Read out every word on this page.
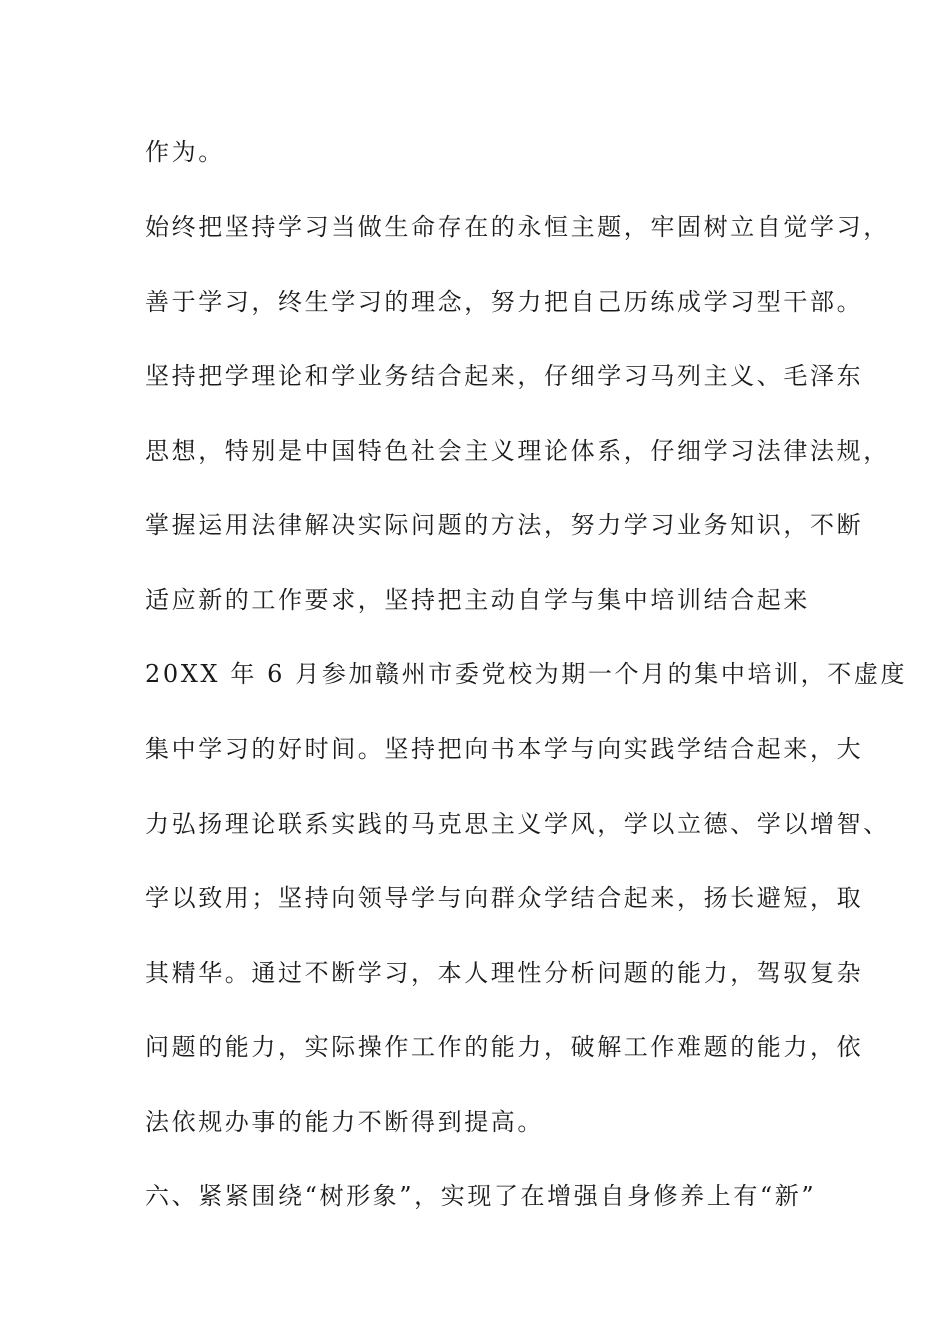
作为。
始终把坚持学习当做生命存在的永恒主题，牢固树立自觉学习，
善于学习，终生学习的理念，努力把自己历练成学习型干部。
坚持把学理论和学业务结合起来，仔细学习马列主义、毛泽东
思想，特别是中国特色社会主义理论体系，仔细学习法律法规，
掌握运用法律解决实际问题的方法，努力学习业务知识，不断
适应新的工作要求，坚持把主动自学与集中培训结合起来
20XX 年 6 月参加赣州市委党校为期一个月的集中培训，不虚度
集中学习的好时间。坚持把向书本学与向实践学结合起来，大
力弘扬理论联系实践的马克思主义学风，学以立德、学以增智、
学以致用；坚持向领导学与向群众学结合起来，扬长避短，取
其精华。通过不断学习，本人理性分析问题的能力，驾驭复杂
问题的能力，实际操作工作的能力，破解工作难题的能力，依
法依规办事的能力不断得到提高。
六、紧紧围绕“树形象”，实现了在增强自身修养上有“新”
